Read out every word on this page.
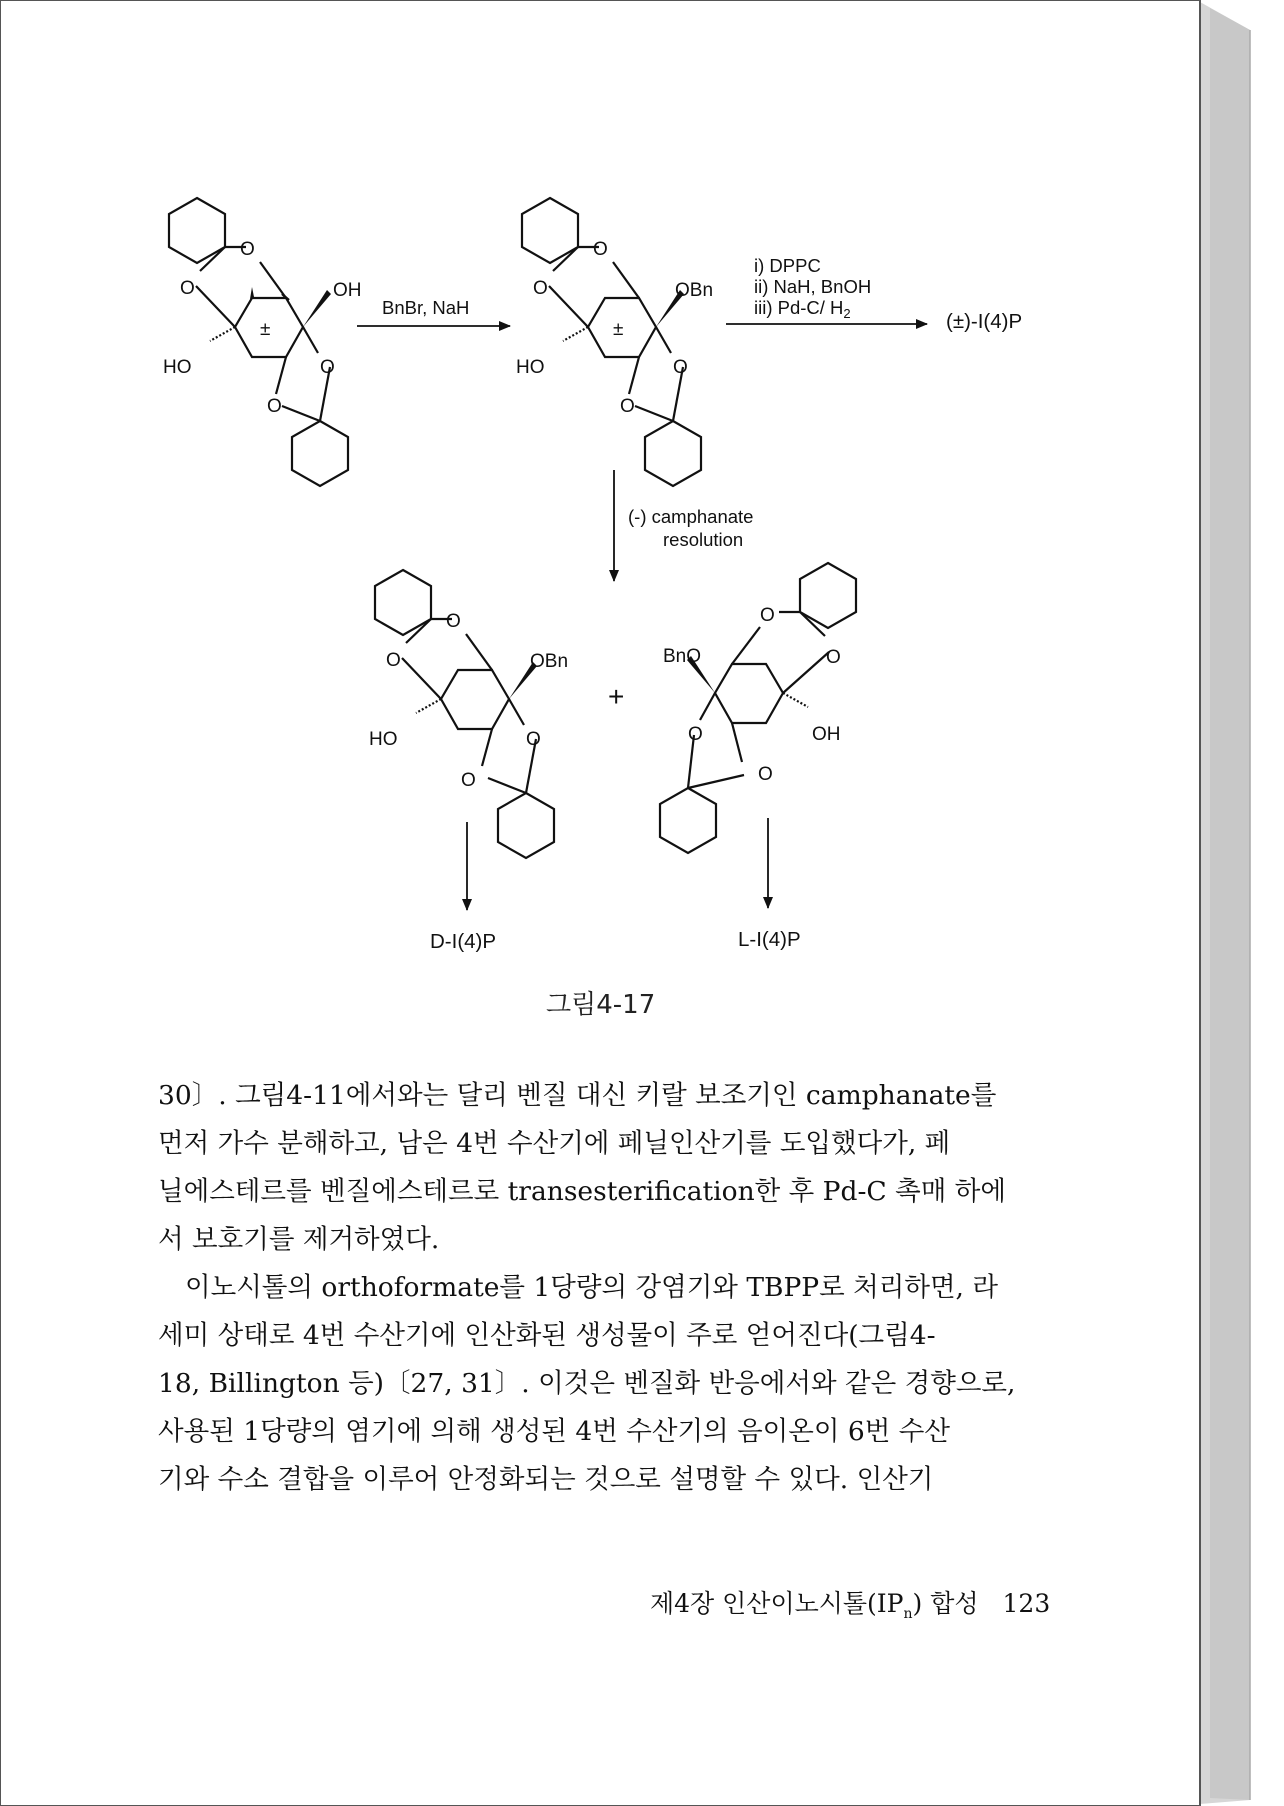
O
O	OH
±
HO	O
O
O
O	OBn
±
HO	O
O
O
O	OBn
HO	O
O
+
O
O
BnO
O	OH
O
BnBr, NaH
i) DPPC
ii) NaH, BnOH
iii) Pd-C/ $H_2$
(-) camphanate
resolution
(±)-I(4)P
D-I(4)P	L-I(4)P
그림4-17

30〕. 그림4-11에서와는 달리 벤질 대신 키랄 보조기인 camphanate를

먼저 가수 분해하고, 남은 4번 수산기에 페닐인산기를 도입했다가, 페

닐에스테르를 벤질에스테르로 transesterification한 후 Pd-C 촉매 하에

서 보호기를 제거하였다.

이노시톨의 orthoformate를 1당량의 강염기와 TBPP로 처리하면, 라

세미 상태로 4번 수산기에 인산화된 생성물이 주로 얻어진다(그림4-

18, Billington 등)〔27, 31〕. 이것은 벤질화 반응에서와 같은 경향으로,

사용된 1당량의 염기에 의해 생성된 4번 수산기의 음이온이 6번 수산

기와 수소 결합을 이루어 안정화되는 것으로 설명할 수 있다. 인산기

제4장 인산이노시톨$(IP_n)$ 합성 123
